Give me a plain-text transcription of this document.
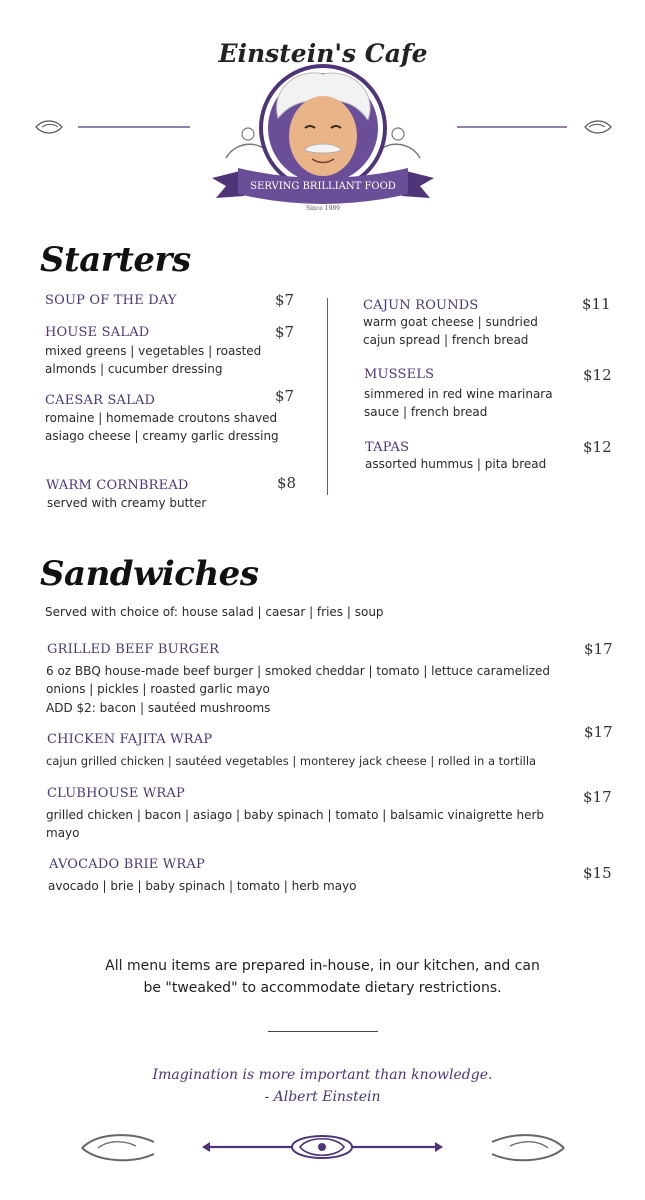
Einstein's Cafe
SERVING BRILLIANT FOOD
Since 1989
Starters
SOUP OF THE DAY	$7
HOUSE SALAD	$7
mixed greens | vegetables | roasted almonds | cucumber dressing
CAESAR SALAD	$7
romaine | homemade croutons shaved asiago cheese | creamy garlic dressing
WARM CORNBREAD	$8
served with creamy butter
CAJUN ROUNDS	$11
warm goat cheese | sundried cajun spread | french bread
MUSSELS	$12
simmered in red wine marinara sauce | french bread
TAPAS	$12
assorted hummus | pita bread
Sandwiches
Served with choice of: house salad | caesar | fries | soup
GRILLED BEEF BURGER	$17
6 oz BBQ house-made beef burger | smoked cheddar | tomato | lettuce caramelized onions | pickles | roasted garlic mayo
ADD $2: bacon | sautéed mushrooms
CHICKEN FAJITA WRAP	$17
cajun grilled chicken | sautéed vegetables | monterey jack cheese | rolled in a tortilla
CLUBHOUSE WRAP	$17
grilled chicken | bacon | asiago | baby spinach | tomato | balsamic vinaigrette herb mayo
AVOCADO BRIE WRAP	$15
avocado | brie | baby spinach | tomato | herb mayo
All menu items are prepared in-house, in our kitchen, and can
be "tweaked" to accommodate dietary restrictions.
Imagination is more important than knowledge.
- Albert Einstein
